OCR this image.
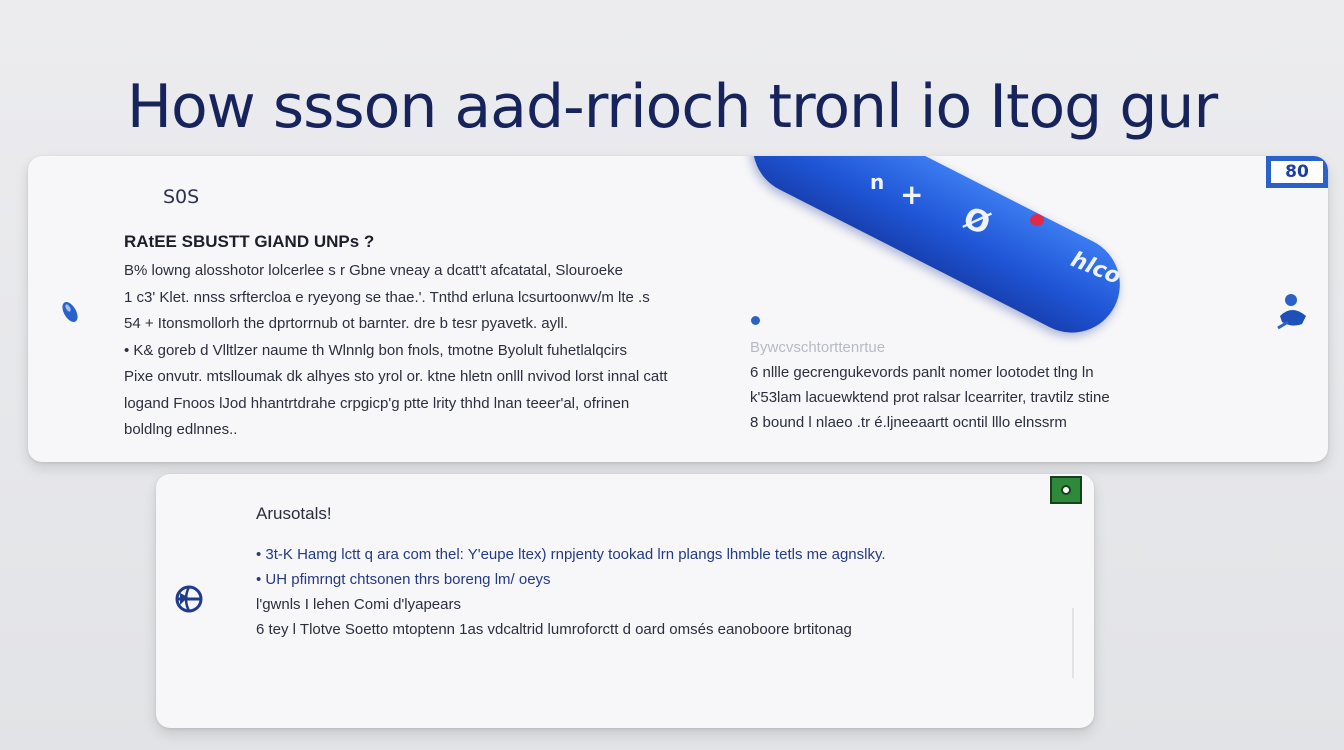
How ssson aad-rrioch tronl io Itog gur
n +
Ø
hlco
80
S0S
RAtEE SBUSTT GIAND UNPs ?
B% lowng alosshotor lolcerlee s r Gbne vneay a dcatt't afcatatal, Slouroeke
1 c3' Klet. nnss srftercloa e ryeyong se thae.'. Tnthd erluna lcsurtoonwv/m lte .s
54 + Itonsmollorh the dprtorrnub ot barnter. dre b tesr pyavetk. ayll.
• K& goreb d Vlltlzer naume th Wlnnlg bon fnols, tmotne Byolult fuhetlalqcirs
Pixe onvutr. mtslloumak dk alhyes sto yrol or. ktne hletn onlll nvivod lorst innal catt
logand Fnoos lJod hhantrtdrahe crpgicp'g ptte lrity thhd lnan teeer'al, ofrinen
boldlng edlnnes..
Bywcvschtorttenrtue
6 nllle gecrengukevords panlt nomer lootodet tlng ln
k'53lam lacuewktend prot ralsar lcearriter, travtilz stine
8 bound l nlaeo .tr é.ljneeaartt ocntil lllo elnssrm
Arusotals!
• 3t-K Hamg lctt q ara com thel: Y'eupe ltex) rnpjenty tookad lrn plangs lhmble tetls me agnslky.
• UH pfimrngt chtsonen thrs boreng lm/ oeys
l'gwnls I lehen Comi d'lyapears
6 tey l Tlotve Soetto mtoptenn 1as vdcaltrid lumroforctt d oard omsés eanoboore brtitonag
